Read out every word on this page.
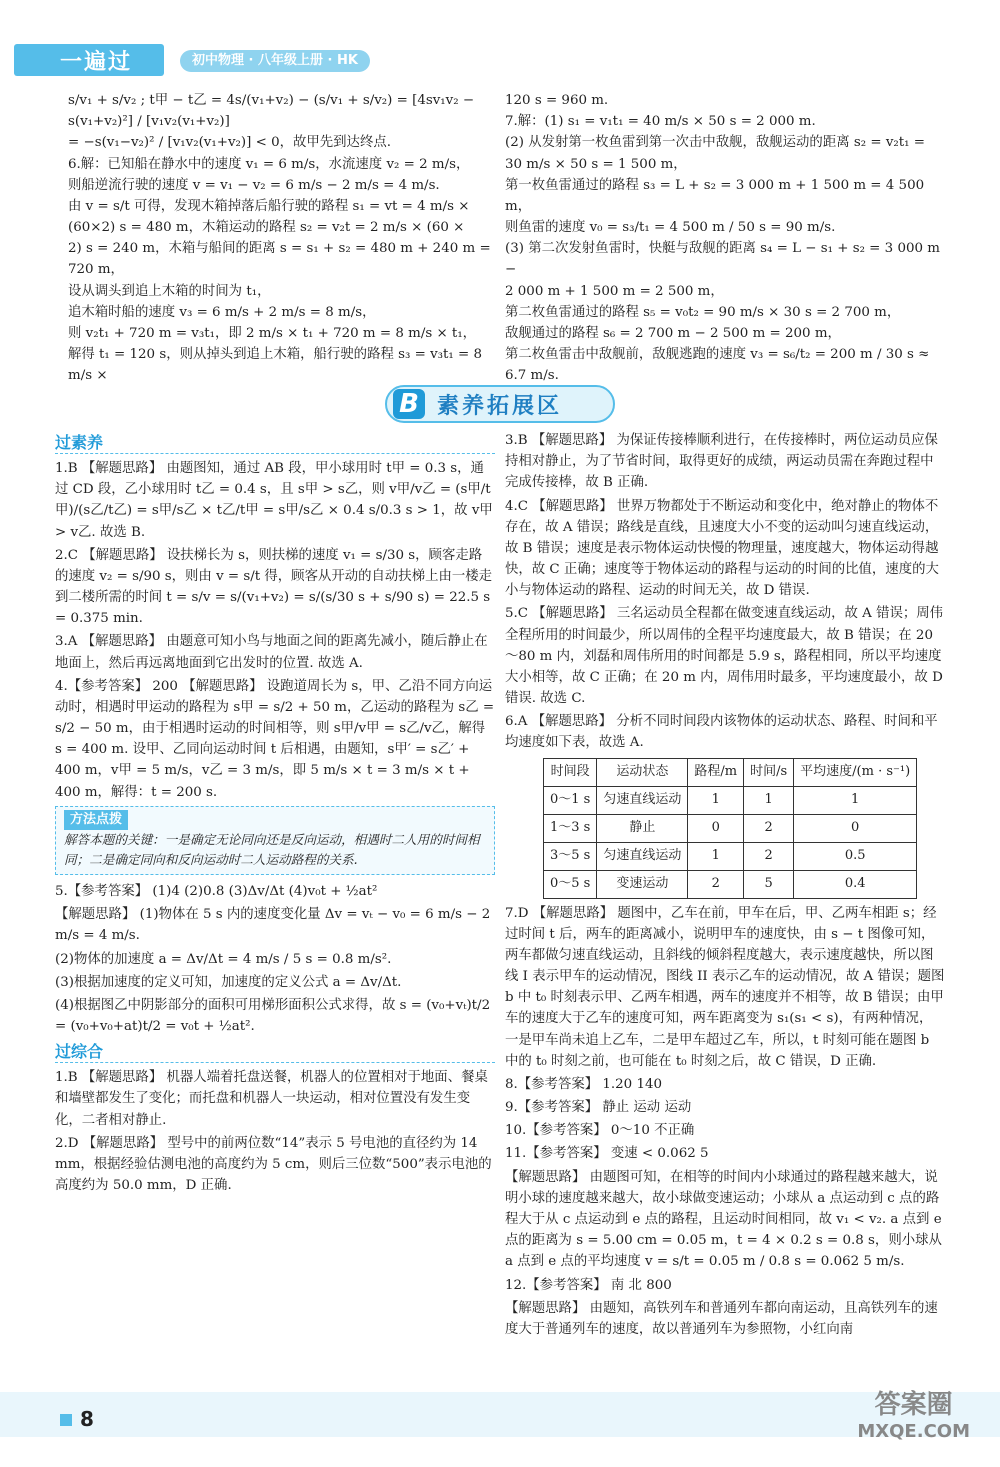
一遍过	初中物理 · 八年级上册 · HK

s/v₁ + s/v₂ ; t甲 − t乙 = 4s/(v₁+v₂) − (s/v₁ + s/v₂) = [4sv₁v₂ − s(v₁+v₂)²] / [v₁v₂(v₁+v₂)]

= −s(v₁−v₂)² / [v₁v₂(v₁+v₂)] < 0，故甲先到达终点.

6.解：已知船在静水中的速度 v₁ = 6 m/s，水流速度 v₂ = 2 m/s，

则船逆流行驶的速度 v = v₁ − v₂ = 6 m/s − 2 m/s = 4 m/s.

由 v = s/t 可得，发现木箱掉落后船行驶的路程 s₁ = vt = 4 m/s ×

(60×2) s = 480 m，木箱运动的路程 s₂ = v₂t = 2 m/s × (60 ×

2) s = 240 m，木箱与船间的距离 s = s₁ + s₂ = 480 m + 240 m = 720 m，

设从调头到追上木箱的时间为 t₁，

追木箱时船的速度 v₃ = 6 m/s + 2 m/s = 8 m/s，

则 v₂t₁ + 720 m = v₃t₁，即 2 m/s × t₁ + 720 m = 8 m/s × t₁，

解得 t₁ = 120 s，则从掉头到追上木箱，船行驶的路程 s₃ = v₃t₁ = 8 m/s ×

120 s = 960 m.

7.解：(1) s₁ = v₁t₁ = 40 m/s × 50 s = 2 000 m.

(2) 从发射第一枚鱼雷到第一次击中敌舰，敌舰运动的距离 s₂ = v₂t₁ =

30 m/s × 50 s = 1 500 m，

第一枚鱼雷通过的路程 s₃ = L + s₂ = 3 000 m + 1 500 m = 4 500 m，

则鱼雷的速度 v₀ = s₃/t₁ = 4 500 m / 50 s = 90 m/s.

(3) 第二次发射鱼雷时，快艇与敌舰的距离 s₄ = L − s₁ + s₂ = 3 000 m −

2 000 m + 1 500 m = 2 500 m，

第二枚鱼雷通过的路程 s₅ = v₀t₂ = 90 m/s × 30 s = 2 700 m，

敌舰通过的路程 s₆ = 2 700 m − 2 500 m = 200 m，

第二枚鱼雷击中敌舰前，敌舰逃跑的速度 v₃ = s₆/t₂ = 200 m / 30 s ≈ 6.7 m/s.

B 素养拓展区
过素养

1.B 【解题思路】 由题图知，通过 AB 段，甲小球用时 t甲 = 0.3 s，通过 CD 段，乙小球用时 t乙 = 0.4 s，且 s甲 > s乙，则 v甲/v乙 = (s甲/t甲)/(s乙/t乙) = s甲/s乙 × t乙/t甲 = s甲/s乙 × 0.4 s/0.3 s > 1，故 v甲 > v乙. 故选 B.

2.C 【解题思路】 设扶梯长为 s，则扶梯的速度 v₁ = s/30 s，顾客走路的速度 v₂ = s/90 s，则由 v = s/t 得，顾客从开动的自动扶梯上由一楼走到二楼所需的时间 t = s/v = s/(v₁+v₂) = s/(s/30 s + s/90 s) = 22.5 s = 0.375 min.

3.A 【解题思路】 由题意可知小鸟与地面之间的距离先减小，随后静止在地面上，然后再远离地面到它出发时的位置. 故选 A.

4.【参考答案】 200 【解题思路】 设跑道周长为 s，甲、乙沿不同方向运动时，相遇时甲运动的路程为 s甲 = s/2 + 50 m，乙运动的路程为 s乙 = s/2 − 50 m，由于相遇时运动的时间相等，则 s甲/v甲 = s乙/v乙，解得 s = 400 m. 设甲、乙同向运动时间 t 后相遇，由题知，s甲′ = s乙′ + 400 m，v甲 = 5 m/s，v乙 = 3 m/s，即 5 m/s × t = 3 m/s × t + 400 m，解得：t = 200 s.

方法点拨

解答本题的关键：一是确定无论同向还是反向运动，相遇时二人用的时间相同；二是确定同向和反向运动时二人运动路程的关系.

5.【参考答案】 (1)4 (2)0.8 (3)Δv/Δt (4)v₀t + ½at²

【解题思路】 (1)物体在 5 s 内的速度变化量 Δv = vₜ − v₀ = 6 m/s − 2 m/s = 4 m/s.

(2)物体的加速度 a = Δv/Δt = 4 m/s / 5 s = 0.8 m/s².

(3)根据加速度的定义可知，加速度的定义公式 a = Δv/Δt.

(4)根据图乙中阴影部分的面积可用梯形面积公式求得，故 s = (v₀+vₜ)t/2 = (v₀+v₀+at)t/2 = v₀t + ½at².

过综合

1.B 【解题思路】 机器人端着托盘送餐，机器人的位置相对于地面、餐桌和墙壁都发生了变化；而托盘和机器人一块运动，相对位置没有发生变化，二者相对静止.

2.D 【解题思路】 型号中的前两位数“14”表示 5 号电池的直径约为 14 mm，根据经验估测电池的高度约为 5 cm，则后三位数“500”表示电池的高度约为 50.0 mm，D 正确.

3.B 【解题思路】 为保证传接棒顺利进行，在传接棒时，两位运动员应保持相对静止，为了节省时间，取得更好的成绩，两运动员需在奔跑过程中完成传接棒，故 B 正确.

4.C 【解题思路】 世界万物都处于不断运动和变化中，绝对静止的物体不存在，故 A 错误；路线是直线，且速度大小不变的运动叫匀速直线运动，故 B 错误；速度是表示物体运动快慢的物理量，速度越大，物体运动得越快，故 C 正确；速度等于物体运动的路程与运动的时间的比值，速度的大小与物体运动的路程、运动的时间无关，故 D 错误.

5.C 【解题思路】 三名运动员全程都在做变速直线运动，故 A 错误；周伟全程所用的时间最少，所以周伟的全程平均速度最大，故 B 错误；在 20～80 m 内，刘磊和周伟所用的时间都是 5.9 s，路程相同，所以平均速度大小相等，故 C 正确；在 20 m 内，周伟用时最多，平均速度最小，故 D 错误. 故选 C.

6.A 【解题思路】 分析不同时间段内该物体的运动状态、路程、时间和平均速度如下表，故选 A.

时间段	运动状态	路程/m	时间/s	平均速度/(m · s⁻¹)
0～1 s	匀速直线运动	1	1	1
1～3 s	静止	0	2	0
3～5 s	匀速直线运动	1	2	0.5
0～5 s	变速运动	2	5	0.4

7.D 【解题思路】 题图中，乙车在前，甲车在后，甲、乙两车相距 s；经过时间 t 后，两车的距离减小，说明甲车的速度快，由 s − t 图像可知，两车都做匀速直线运动，且斜线的倾斜程度越大，表示速度越快，所以图线 I 表示甲车的运动情况，图线 II 表示乙车的运动情况，故 A 错误；题图 b 中 t₀ 时刻表示甲、乙两车相遇，两车的速度并不相等，故 B 错误；由甲车的速度大于乙车的速度可知，两车距离变为 s₁(s₁ < s)，有两种情况，一是甲车尚未追上乙车，二是甲车超过乙车，所以，t 时刻可能在题图 b 中的 t₀ 时刻之前，也可能在 t₀ 时刻之后，故 C 错误，D 正确.

8.【参考答案】 1.20 140

9.【参考答案】 静止 运动 运动

10.【参考答案】 0～10 不正确

11.【参考答案】 变速 < 0.062 5

【解题思路】 由题图可知，在相等的时间内小球通过的路程越来越大，说明小球的速度越来越大，故小球做变速运动；小球从 a 点运动到 c 点的路程大于从 c 点运动到 e 点的路程，且运动时间相同，故 v₁ < v₂. a 点到 e 点的距离为 s = 5.00 cm = 0.05 m，t = 4 × 0.2 s = 0.8 s，则小球从 a 点到 e 点的平均速度 v = s/t = 0.05 m / 0.8 s = 0.062 5 m/s.

12.【参考答案】 南 北 800

【解题思路】 由题知，高铁列车和普通列车都向南运动，且高铁列车的速度大于普通列车的速度，故以普通列车为参照物，小红向南

8	答案圈
MXQE.COM
